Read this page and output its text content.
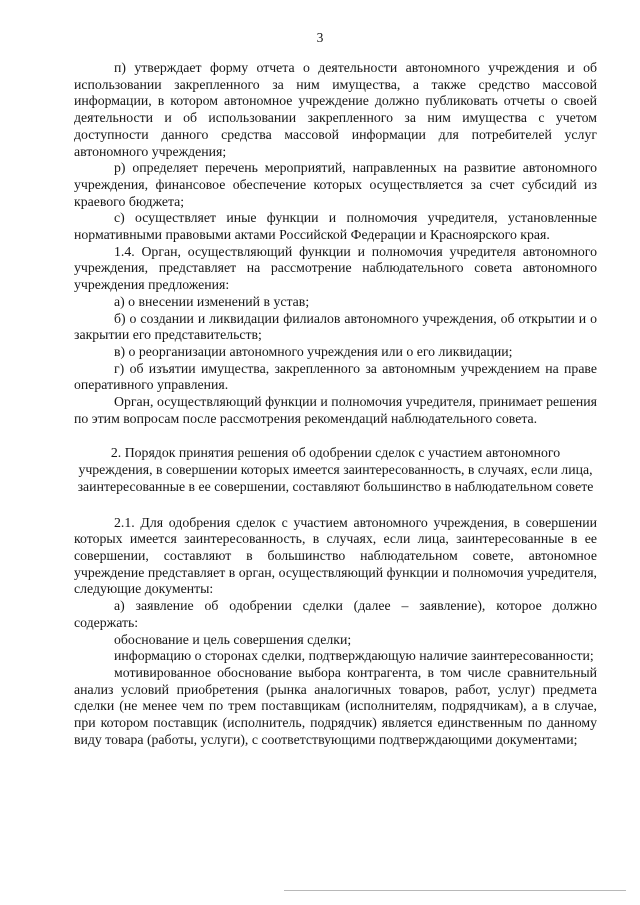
3

п) утверждает форму отчета о деятельности автономного учреждения и об использовании закрепленного за ним имущества, а также средство массовой информации, в котором автономное учреждение должно публиковать отчеты о своей деятельности и об использовании закрепленного за ним имущества с учетом доступности данного средства массовой информации для потребителей услуг автономного учреждения;

р) определяет перечень мероприятий, направленных на развитие автономного учреждения, финансовое обеспечение которых осуществляется за счет субсидий из краевого бюджета;

с) осуществляет иные функции и полномочия учредителя, установленные нормативными правовыми актами Российской Федерации и Красноярского края.

1.4. Орган, осуществляющий функции и полномочия учредителя автономного учреждения, представляет на рассмотрение наблюдательного совета автономного учреждения предложения:

а) о внесении изменений в устав;

б) о создании и ликвидации филиалов автономного учреждения, об открытии и о закрытии его представительств;

в) о реорганизации автономного учреждения или о его ликвидации;

г) об изъятии имущества, закрепленного за автономным учреждением на праве оперативного управления.

Орган, осуществляющий функции и полномочия учредителя, принимает решения по этим вопросам после рассмотрения рекомендаций наблюдательного совета.

2. Порядок принятия решения об одобрении сделок с участием автономного учреждения, в совершении которых имеется заинтересованность, в случаях, если лица, заинтересованные в ее совершении, составляют большинство в наблюдательном совете

2.1. Для одобрения сделок с участием автономного учреждения, в совершении которых имеется заинтересованность, в случаях, если лица, заинтересованные в ее совершении, составляют в большинство наблюдательном совете, автономное учреждение представляет в орган, осуществляющий функции и полномочия учредителя, следующие документы:

а) заявление об одобрении сделки (далее – заявление), которое должно содержать:

обоснование и цель совершения сделки;

информацию о сторонах сделки, подтверждающую наличие заинтересованности;

мотивированное обоснование выбора контрагента, в том числе сравнительный анализ условий приобретения (рынка аналогичных товаров, работ, услуг) предмета сделки (не менее чем по трем поставщикам (исполнителям, подрядчикам), а в случае, при котором поставщик (исполнитель, подрядчик) является единственным по данному виду товара (работы, услуги), с соответствующими подтверждающими документами;
